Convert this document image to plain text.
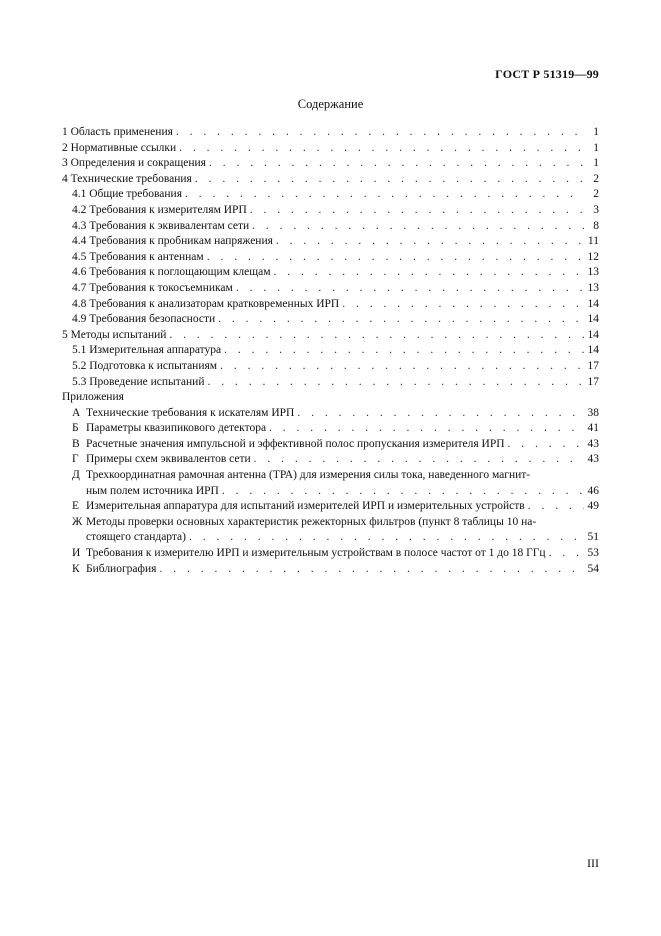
ГОСТ Р 51319—99
Содержание
1 Область применения . . .	1
2 Нормативные ссылки . . .	1
3 Определения и сокращения . . .	1
4 Технические требования . . .	2
4.1 Общие требования . . .	2
4.2 Требования к измерителям ИРП . . .	3
4.3 Требования к эквивалентам сети . . .	8
4.4 Требования к пробникам напряжения . . .	11
4.5 Требования к антеннам . . .	12
4.6 Требования к поглощающим клещам . . .	13
4.7 Требования к токосъемникам . . .	13
4.8 Требования к анализаторам кратковременных ИРП . . .	14
4.9 Требования безопасности . . .	14
5 Методы испытаний . . .	14
5.1 Измерительная аппаратура . . .	14
5.2 Подготовка к испытаниям . . .	17
5.3 Проведение испытаний . . .	17
Приложения
А Технические требования к искателям ИРП . . .	38
Б Параметры квазипикового детектора . . .	41
В Расчетные значения импульсной и эффективной полос пропускания измерителя ИРП . . .	43
Г Примеры схем эквивалентов сети . . .	43
Д Трехкоординатная рамочная антенна (ТРА) для измерения силы тока, наведенного магнит-
ным полем источника ИРП . . .	46
Е Измерительная аппаратура для испытаний измерителей ИРП и измерительных устройств . . .	49
Ж Методы проверки основных характеристик режекторных фильтров (пункт 8 таблицы 10 на-
стоящего стандарта) . . .	51
И Требования к измерителю ИРП и измерительным устройствам в полосе частот от 1 до 18 ГГц . . .	53
К Библиография . . .	54
III
